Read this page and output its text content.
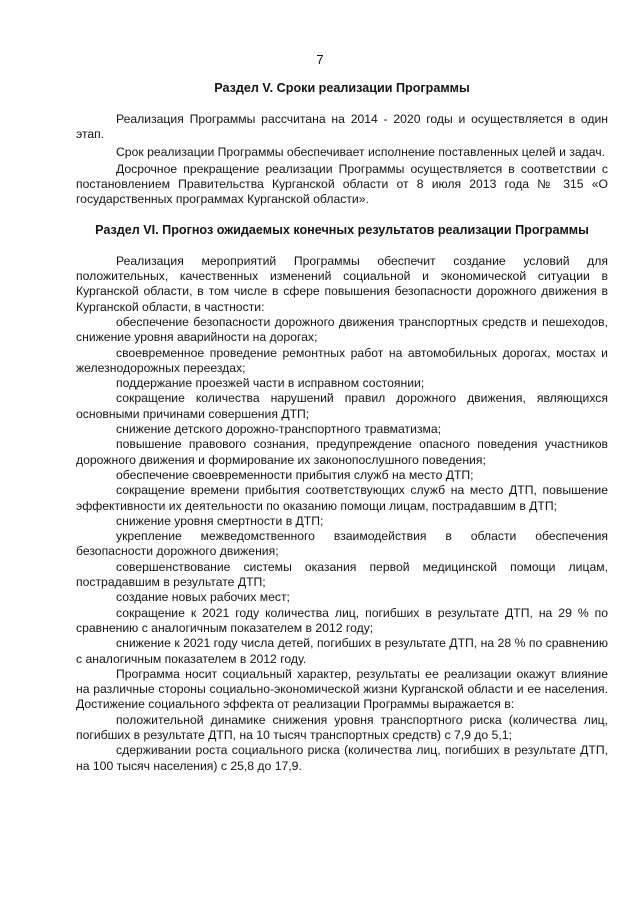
7
Раздел V. Сроки реализации Программы

Реализация Программы рассчитана на 2014 - 2020 годы и осуществляется в один этап.

Срок реализации Программы обеспечивает исполнение поставленных целей и задач.

Досрочное прекращение реализации Программы осуществляется в соответствии с постановлением Правительства Курганской области от 8 июля 2013 года № 315 «О государственных программах Курганской области».

Раздел VI. Прогноз ожидаемых конечных результатов реализации Программы

Реализация мероприятий Программы обеспечит создание условий для положительных, качественных изменений социальной и экономической ситуации в Курганской области, в том числе в сфере повышения безопасности дорожного движения в Курганской области, в частности:

обеспечение безопасности дорожного движения транспортных средств и пешеходов, снижение уровня аварийности на дорогах;

своевременное проведение ремонтных работ на автомобильных дорогах, мостах и железнодорожных переездах;

поддержание проезжей части в исправном состоянии;

сокращение количества нарушений правил дорожного движения, являющихся основными причинами совершения ДТП;

снижение детского дорожно-транспортного травматизма;

повышение правового сознания, предупреждение опасного поведения участников дорожного движения и формирование их законопослушного поведения;

обеспечение своевременности прибытия служб на место ДТП;

сокращение времени прибытия соответствующих служб на место ДТП, повышение эффективности их деятельности по оказанию помощи лицам, пострадавшим в ДТП;

снижение уровня смертности в ДТП;

укрепление межведомственного взаимодействия в области обеспечения безопасности дорожного движения;

совершенствование системы оказания первой медицинской помощи лицам, пострадавшим в результате ДТП;

создание новых рабочих мест;

сокращение к 2021 году количества лиц, погибших в результате ДТП, на 29 % по сравнению с аналогичным показателем в 2012 году;

снижение к 2021 году числа детей, погибших в результате ДТП, на 28 % по сравнению с аналогичным показателем в 2012 году.

Программа носит социальный характер, результаты ее реализации окажут влияние на различные стороны социально-экономической жизни Курганской области и ее населения. Достижение социального эффекта от реализации Программы выражается в:

положительной динамике снижения уровня транспортного риска (количества лиц, погибших в результате ДТП, на 10 тысяч транспортных средств) с 7,9 до 5,1;

сдерживании роста социального риска (количества лиц, погибших в результате ДТП, на 100 тысяч населения) с 25,8 до 17,9.
